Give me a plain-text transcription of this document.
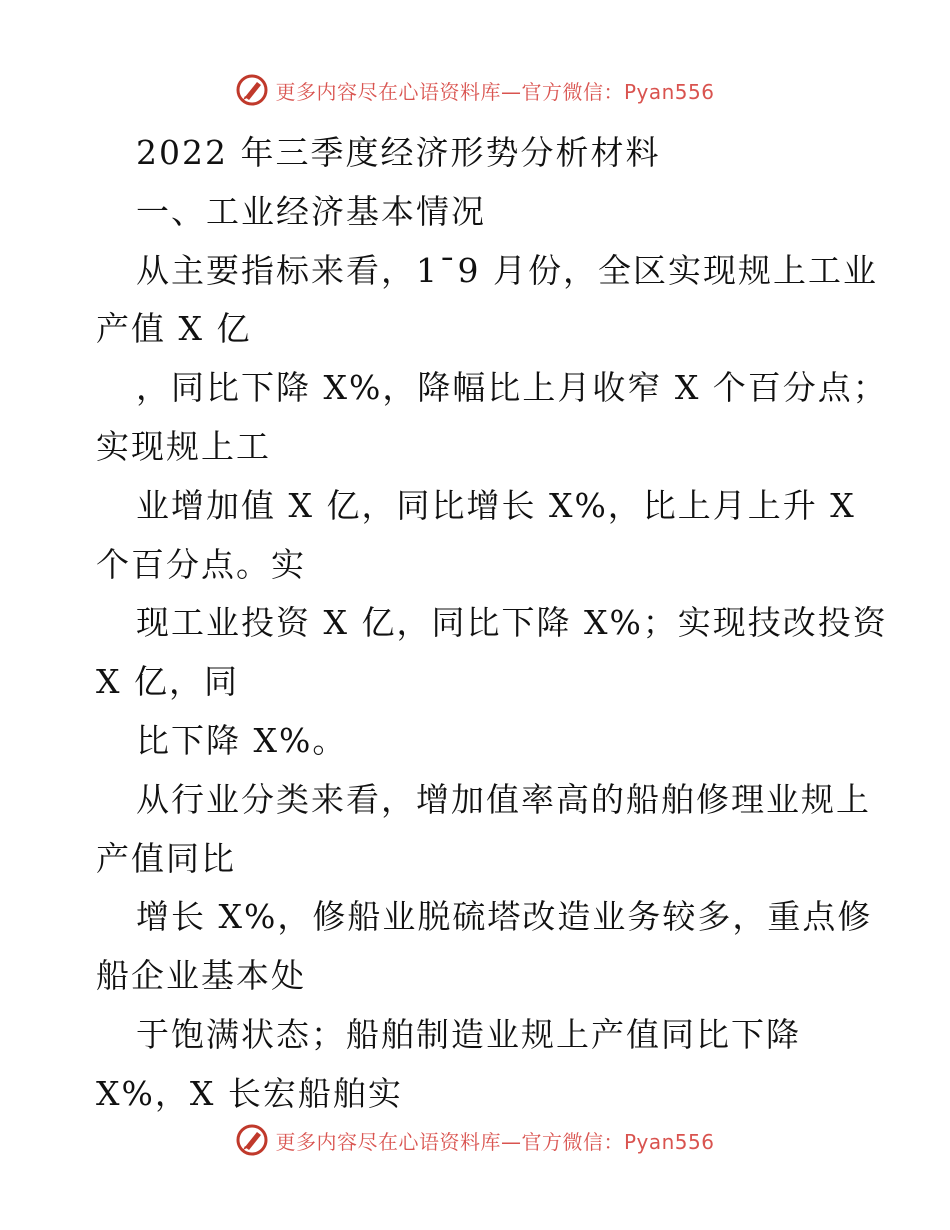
更多内容尽在心语资料库—官方微信：Pyan556
2022 年三季度经济形势分析材料
一、工业经济基本情况
从主要指标来看，1¯9 月份，全区实现规上工业
产值 X 亿
，同比下降 X%，降幅比上月收窄 X 个百分点；
实现规上工
业增加值 X 亿，同比增长 X%，比上月上升 X
个百分点。实
现工业投资 X 亿，同比下降 X%；实现技改投资
X 亿，同
比下降 X%。
从行业分类来看，增加值率高的船舶修理业规上
产值同比
增长 X%，修船业脱硫塔改造业务较多，重点修
船企业基本处
于饱满状态；船舶制造业规上产值同比下降
X%，X 长宏船舶实
更多内容尽在心语资料库—官方微信：Pyan556
